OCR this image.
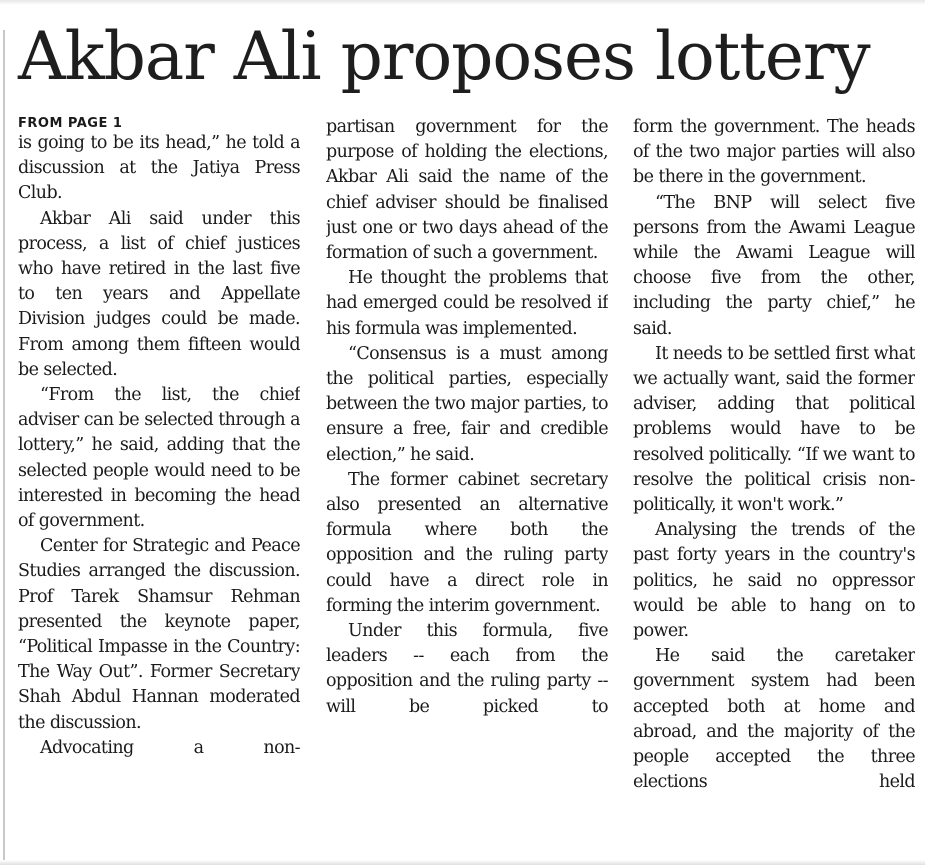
Akbar Ali proposes lottery

FROM PAGE 1

is going to be its head,” he told a discussion at the Jatiya Press Club.

Akbar Ali said under this process, a list of chief justices who have retired in the last five to ten years and Appellate Division judges could be made. From among them fifteen would be selected.

“From the list, the chief adviser can be selected through a lottery,” he said, adding that the selected people would need to be interested in becoming the head of government.

Center for Strategic and Peace Studies arranged the discussion. Prof Tarek Shamsur Rehman presented the keynote paper, “Political Impasse in the Country: The Way Out”. Former Secretary Shah Abdul Hannan moderated the discussion.

Advocating a non-

partisan government for the purpose of holding the elections, Akbar Ali said the name of the chief adviser should be finalised just one or two days ahead of the formation of such a government.

He thought the problems that had emerged could be resolved if his formula was implemented.

“Consensus is a must among the political parties, especially between the two major parties, to ensure a free, fair and credible election,” he said.

The former cabinet secretary also presented an alternative formula where both the opposition and the ruling party could have a direct role in forming the interim government.

Under this formula, five leaders -- each from the opposition and the ruling party -- will be picked to

form the government. The heads of the two major parties will also be there in the government.

“The BNP will select five persons from the Awami League while the Awami League will choose five from the other, including the party chief,” he said.

It needs to be settled first what we actually want, said the former adviser, adding that political problems would have to be resolved politically. “If we want to resolve the political crisis non-politically, it won't work.”

Analysing the trends of the past forty years in the country's politics, he said no oppressor would be able to hang on to power.

He said the caretaker government system had been accepted both at home and abroad, and the majority of the people accepted the three elections held
